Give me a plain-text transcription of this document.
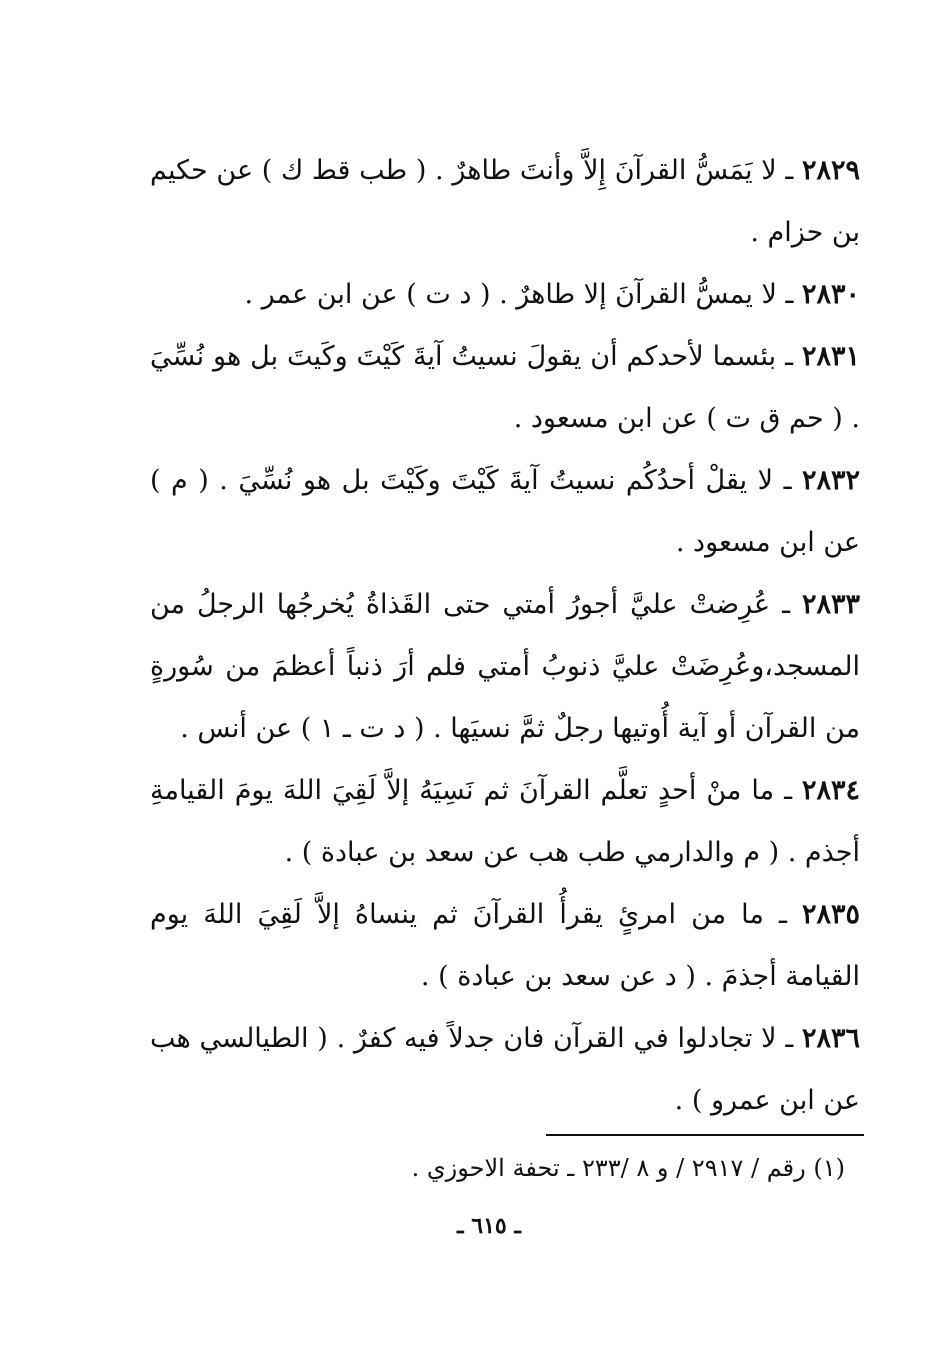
٢٨٢٩ ـ لا يَمَسُّ القرآنَ إِلاَّ وأنتَ طاهرٌ . ( طب قط ك ) عن حكيم بن حزام .

٢٨٣٠ ـ لا يمسُّ القرآنَ إلا طاهرٌ . ( د ت ) عن ابن عمر .

٢٨٣١ ـ بئسما لأحدكم أن يقولَ نسيتُ آيةَ كَيْتَ وكَيتَ بل هو نُسِّيَ . ( حم ق ت ) عن ابن مسعود .

٢٨٣٢ ـ لا يقلْ أحدُكُم نسيتُ آيةَ كَيْتَ وكَيْتَ بل هو نُسِّيَ . ( م ) عن ابن مسعود .

٢٨٣٣ ـ عُرِضتْ عليَّ أجورُ أمتي حتى القَذاةُ يُخرجُها الرجلُ من المسجد،وعُرِضَتْ عليَّ ذنوبُ أمتي فلم أرَ ذنباً أعظمَ من سُورةٍ من القرآن أو آية أُوتيها رجلٌ ثمَّ نسيَها . ( د ت ـ ١ ) عن أنس .

٢٨٣٤ ـ ما منْ أحدٍ تعلَّم القرآنَ ثم نَسِيَهُ إلاَّ لَقِيَ اللهَ يومَ القيامةِ أجذم . ( م والدارمي طب هب عن سعد بن عبادة ) .

٢٨٣٥ ـ ما من امرئٍ يقرأُ القرآنَ ثم ينساهُ إلاَّ لَقِيَ اللهَ يوم القيامة أجذمَ . ( د عن سعد بن عبادة ) .

٢٨٣٦ ـ لا تجادلوا في القرآن فان جدلاً فيه كفرٌ . ( الطيالسي هب عن ابن عمرو ) .

(١) رقم / ٢٩١٧ / و ٨ /٢٣٣ ـ تحفة الاحوزي .
ـ ٦١٥ ـ
